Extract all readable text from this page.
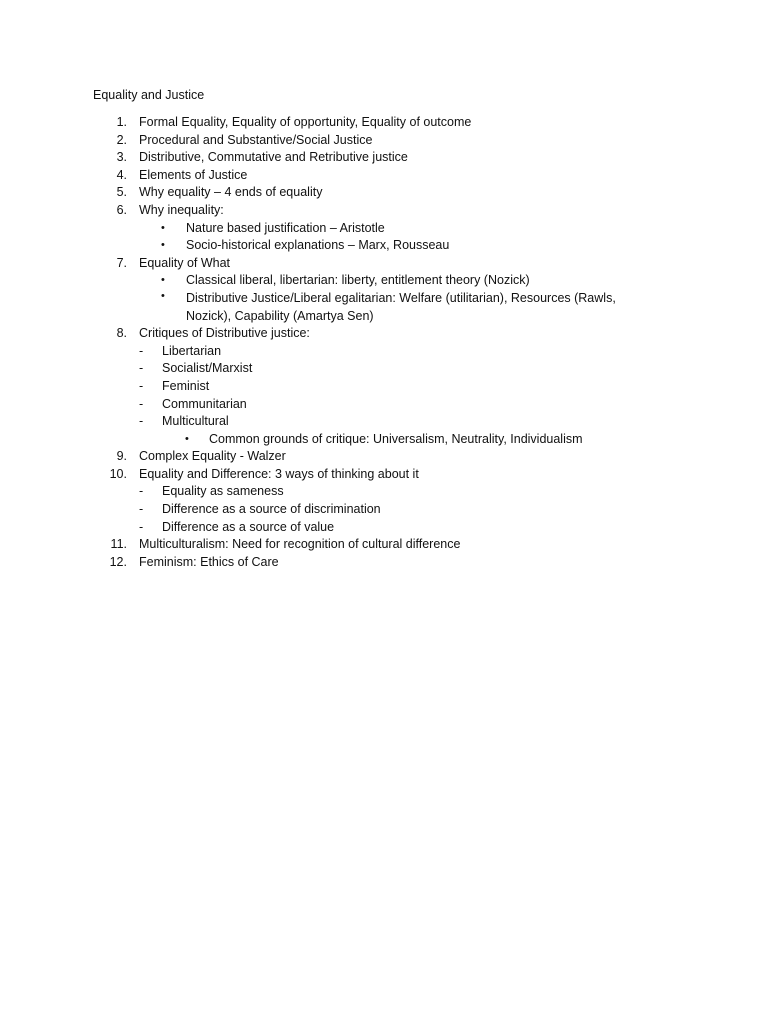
Equality and Justice
1. Formal Equality, Equality of opportunity, Equality of outcome
2. Procedural and Substantive/Social Justice
3. Distributive, Commutative and Retributive justice
4. Elements of Justice
5. Why equality – 4 ends of equality
6. Why inequality:
• Nature based justification – Aristotle
• Socio-historical explanations – Marx, Rousseau
7. Equality of What
• Classical liberal, libertarian: liberty, entitlement theory (Nozick)
• Distributive Justice/Liberal egalitarian: Welfare (utilitarian), Resources (Rawls, Nozick), Capability (Amartya Sen)
8. Critiques of Distributive justice:
- Libertarian
- Socialist/Marxist
- Feminist
- Communitarian
- Multicultural
• Common grounds of critique: Universalism, Neutrality, Individualism
9. Complex Equality - Walzer
10. Equality and Difference: 3 ways of thinking about it
- Equality as sameness
- Difference as a source of discrimination
- Difference as a source of value
11. Multiculturalism: Need for recognition of cultural difference
12. Feminism: Ethics of Care
